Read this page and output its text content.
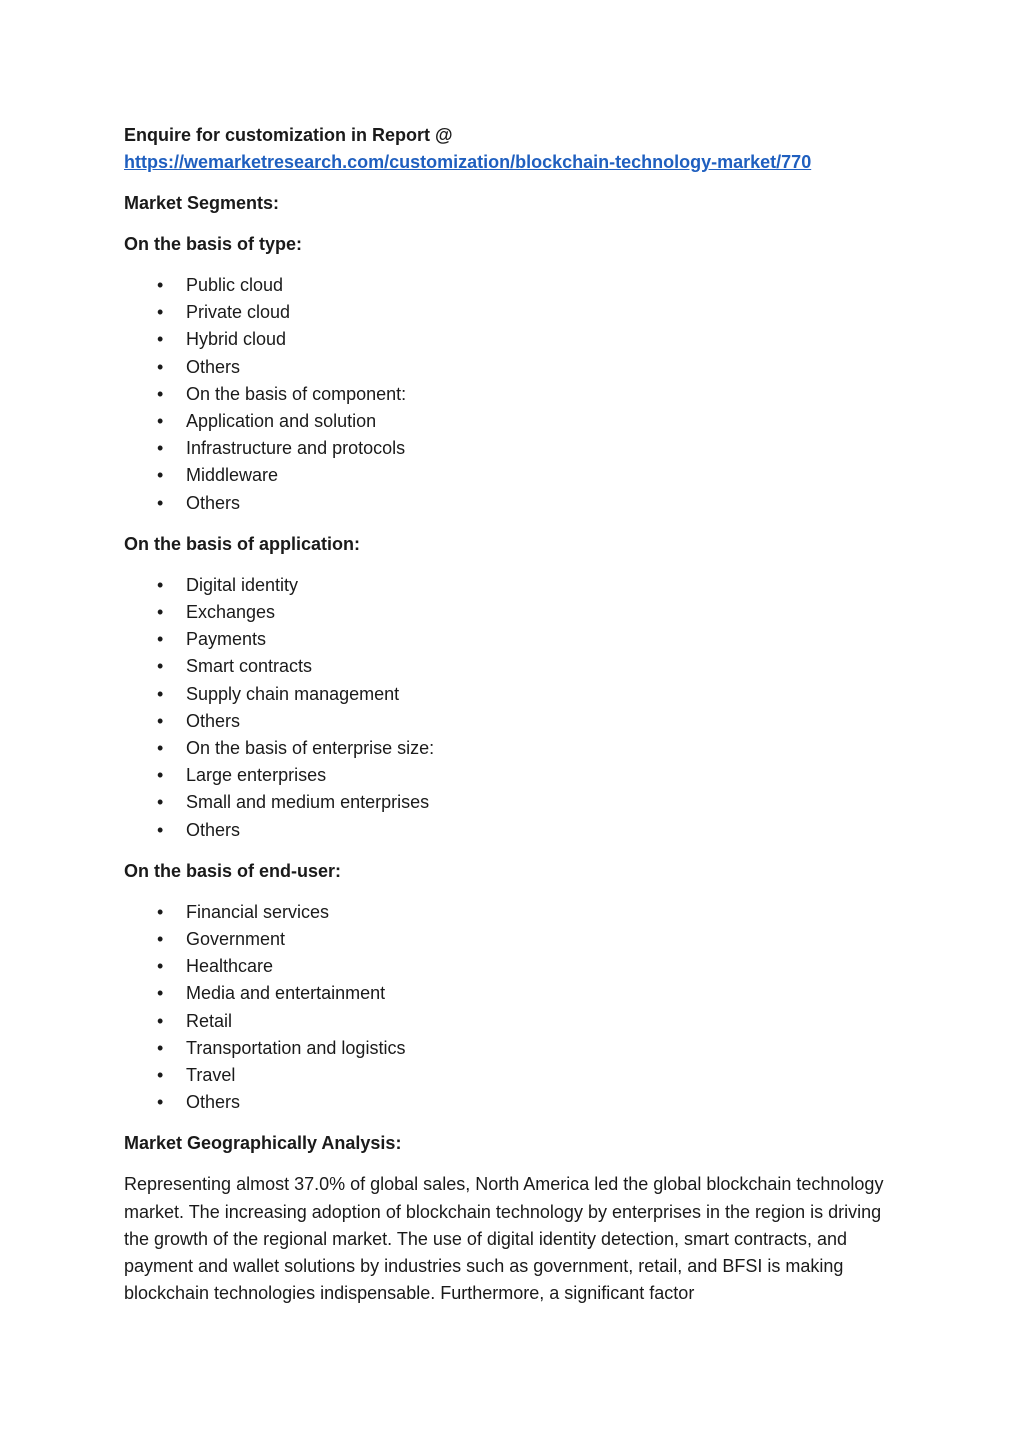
Enquire for customization in Report @

https://wemarketresearch.com/customization/blockchain-technology-market/770

Market Segments:

On the basis of type:

• Public cloud
• Private cloud
• Hybrid cloud
• Others
• On the basis of component:
• Application and solution
• Infrastructure and protocols
• Middleware
• Others

On the basis of application:

• Digital identity
• Exchanges
• Payments
• Smart contracts
• Supply chain management
• Others
• On the basis of enterprise size:
• Large enterprises
• Small and medium enterprises
• Others

On the basis of end-user:

• Financial services
• Government
• Healthcare
• Media and entertainment
• Retail
• Transportation and logistics
• Travel
• Others

Market Geographically Analysis:

Representing almost 37.0% of global sales, North America led the global blockchain technology market. The increasing adoption of blockchain technology by enterprises in the region is driving the growth of the regional market. The use of digital identity detection, smart contracts, and payment and wallet solutions by industries such as government, retail, and BFSI is making blockchain technologies indispensable. Furthermore, a significant factor
